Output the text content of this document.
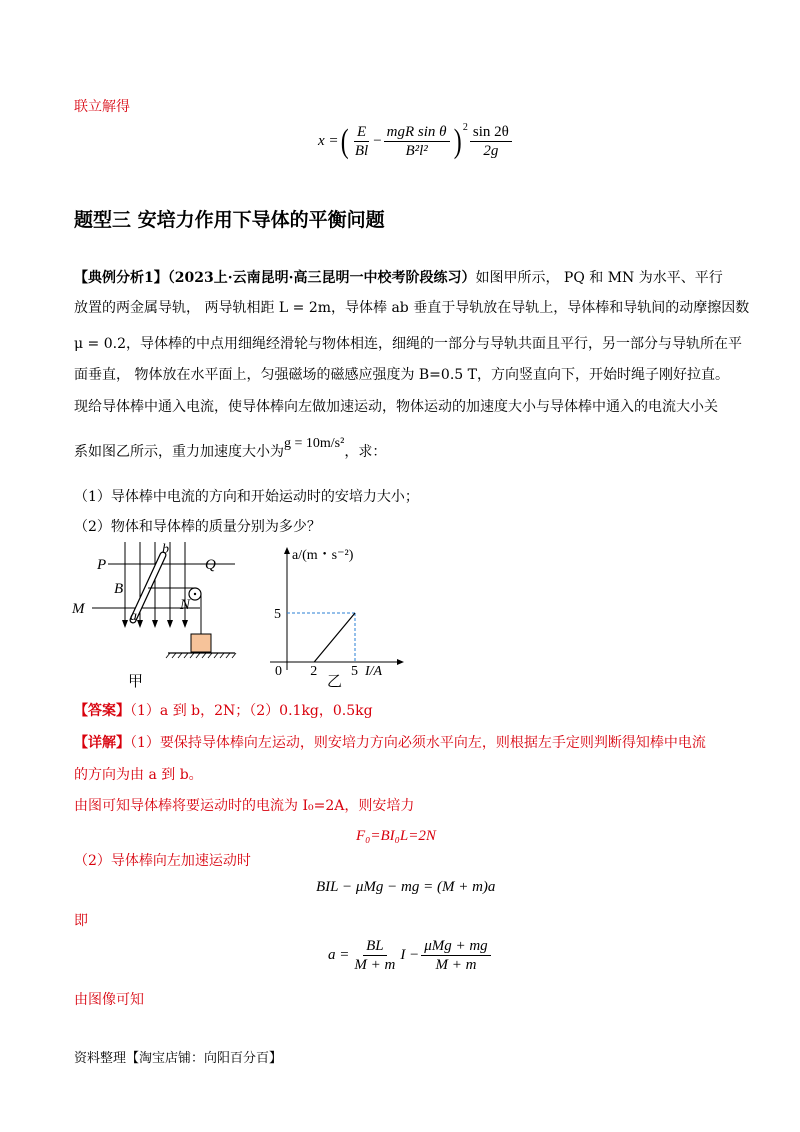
联立解得
x = ( $\frac{E}{Bl} - \frac{\text{mgR sin θ}}{\text{B²l²}} )^2 \frac{\sin 2\theta}{2g}$
题型三 安培力作用下导体的平衡问题
【典例分析1】（2023上·云南昆明·高三昆明一中校考阶段练习）如图甲所示， PQ 和 MN 为水平、平行
放置的两金属导轨， 两导轨相距 L = 2m，导体棒 ab 垂直于导轨放在导轨上，导体棒和导轨间的动摩擦因数
μ = 0.2，导体棒的中点用细绳经滑轮与物体相连，细绳的一部分与导轨共面且平行，另一部分与导轨所在平
面垂直， 物体放在水平面上，匀强磁场的磁感应强度为 B=0.5 T，方向竖直向下，开始时绳子刚好拉直。
现给导体棒中通入电流，使导体棒向左做加速运动，物体运动的加速度大小与导体棒中通入的电流大小关
系如图乙所示，重力加速度大小为g = 10m/s²，求：
（1）导体棒中电流的方向和开始运动时的安培力大小；
（2）物体和导体棒的质量分别为多少？
P	Q
M	N
B
a
b
甲
0 2 5
5
a/(m・s⁻²)
I/A
乙
【答案】（1）a 到 b，2N；（2）0.1kg，0.5kg
【详解】（1）要保持导体棒向左运动，则安培力方向必须水平向左，则根据左手定则判断得知棒中电流
的方向为由 a 到 b。
由图可知导体棒将要运动时的电流为 I₀=2A，则安培力
F₀=BI₀L=2N
（2）导体棒向左加速运动时
BIL − μMg − mg = (M + m)a
即
$a = \frac{BL}{M + m}$ $I - \frac{\text{μMg + mg}}{M + m}$
由图像可知
资料整理【淘宝店铺：向阳百分百】
